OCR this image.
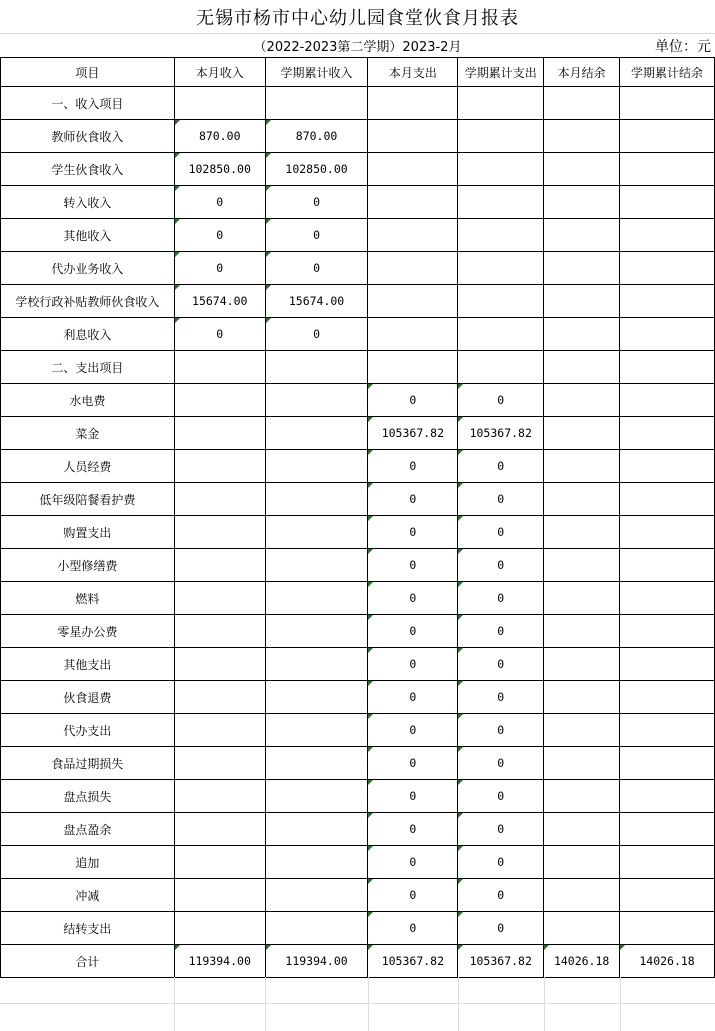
无锡市杨市中心幼儿园食堂伙食月报表
（2022-2023第二学期）2023-2月	单位：元
项目	本月收入	学期累计收入	本月支出	学期累计支出	本月结余	学期累计结余
一、收入项目						
教师伙食收入	870.00	870.00				
学生伙食收入	102850.00	102850.00				
转入收入	0	0				
其他收入	0	0				
代办业务收入	0	0				
学校行政补贴教师伙食收入	15674.00	15674.00				
利息收入	0	0				
二、支出项目						
水电费			0	0		
菜金			105367.82	105367.82		
人员经费			0	0		
低年级陪餐看护费			0	0		
购置支出			0	0		
小型修缮费			0	0		
燃料			0	0		
零星办公费			0	0		
其他支出			0	0		
伙食退费			0	0		
代办支出			0	0		
食品过期损失			0	0		
盘点损失			0	0		
盘点盈余			0	0		
追加			0	0		
冲减			0	0		
结转支出			0	0		
合计	119394.00	119394.00	105367.82	105367.82	14026.18	14026.18
